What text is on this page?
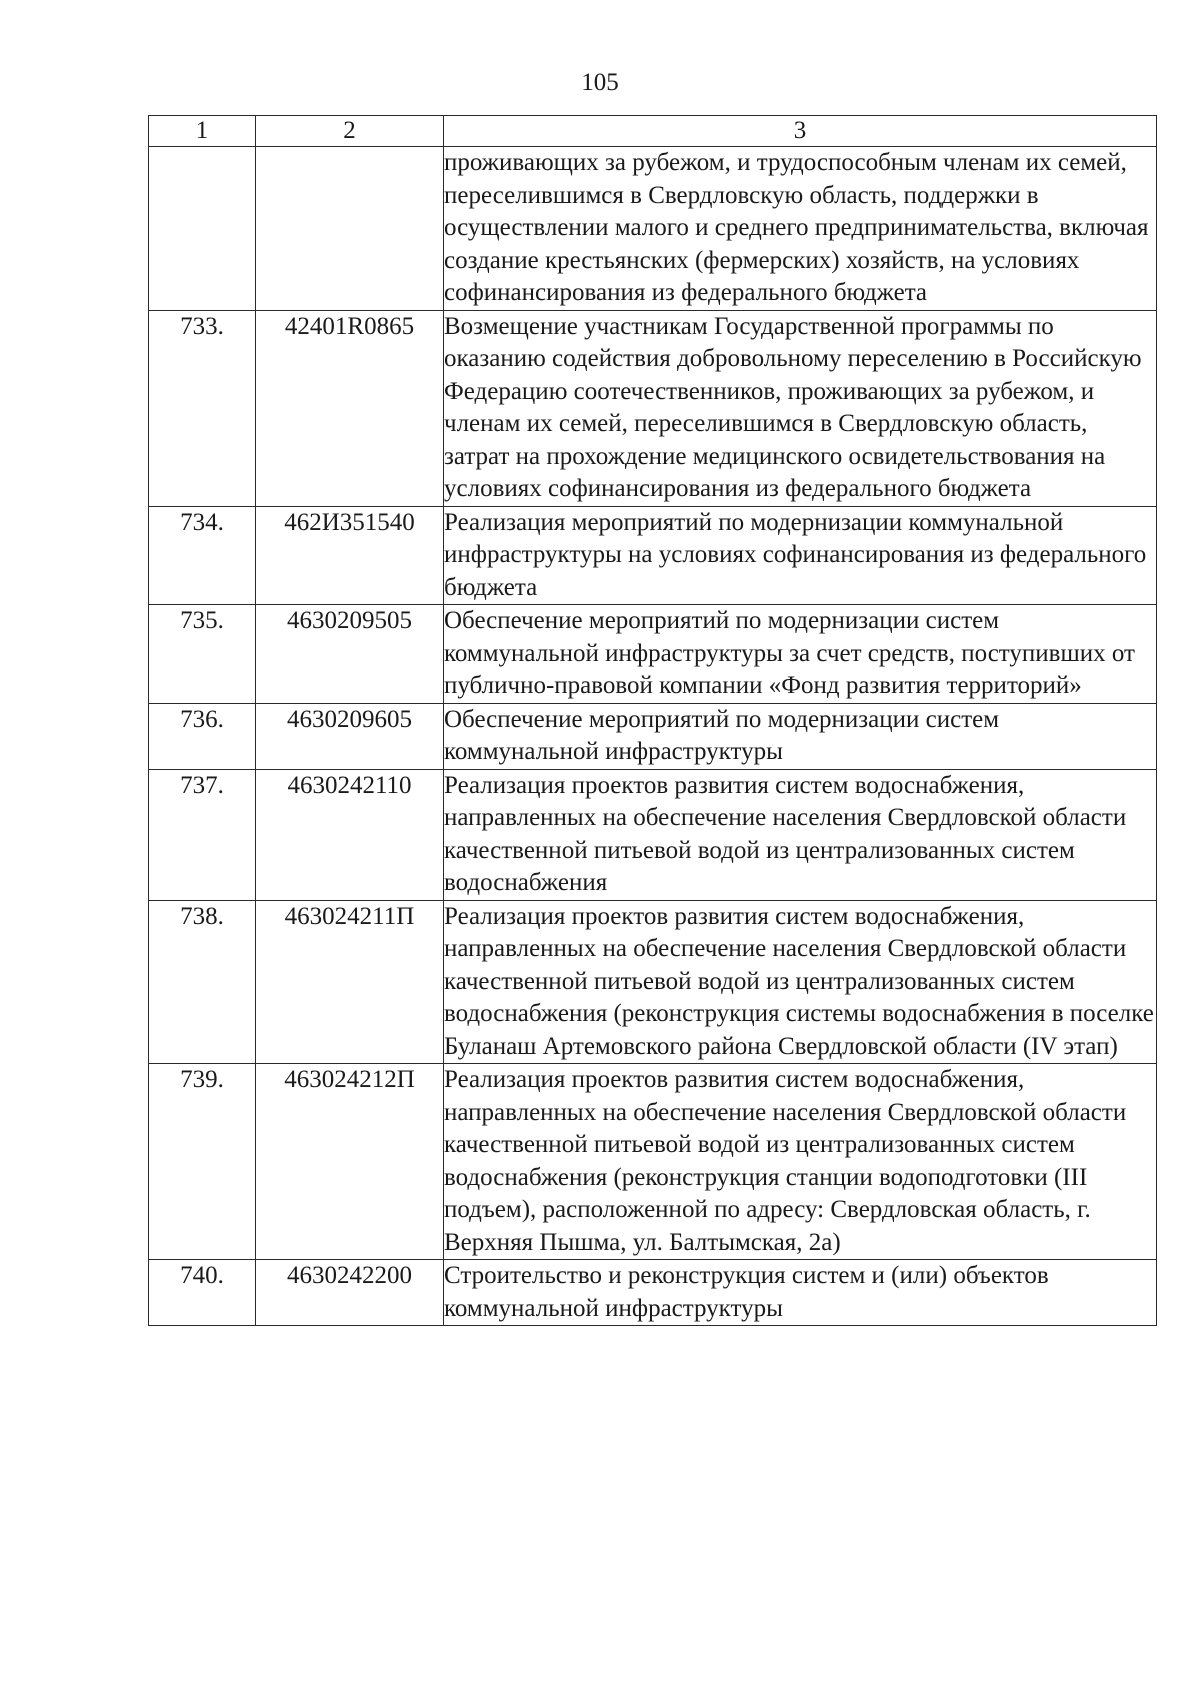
105
1	2	3
		проживающих за рубежом, и трудоспособным членам их семей, переселившимся в Свердловскую область, поддержки в осуществлении малого и среднего предпринимательства, включая создание крестьянских (фермерских) хозяйств, на условиях софинансирования из федерального бюджета
733.	42401R0865	Возмещение участникам Государственной программы по оказанию содействия добровольному переселению в Российскую Федерацию соотечественников, проживающих за рубежом, и членам их семей, переселившимся в Свердловскую область, затрат на прохождение медицинского освидетельствования на условиях софинансирования из федерального бюджета
734.	462И351540	Реализация мероприятий по модернизации коммунальной инфраструктуры на условиях софинансирования из федерального бюджета
735.	4630209505	Обеспечение мероприятий по модернизации систем коммунальной инфраструктуры за счет средств, поступивших от публично-правовой компании «Фонд развития территорий»
736.	4630209605	Обеспечение мероприятий по модернизации систем коммунальной инфраструктуры
737.	4630242110	Реализация проектов развития систем водоснабжения, направленных на обеспечение населения Свердловской области качественной питьевой водой из централизованных систем водоснабжения
738.	463024211П	Реализация проектов развития систем водоснабжения, направленных на обеспечение населения Свердловской области качественной питьевой водой из централизованных систем водоснабжения (реконструкция системы водоснабжения в поселке Буланаш Артемовского района Свердловской области (IV этап)
739.	463024212П	Реализация проектов развития систем водоснабжения, направленных на обеспечение населения Свердловской области качественной питьевой водой из централизованных систем водоснабжения (реконструкция станции водоподготовки (III подъем), расположенной по адресу: Свердловская область, г. Верхняя Пышма, ул. Балтымская, 2а)
740.	4630242200	Строительство и реконструкция систем и (или) объектов коммунальной инфраструктуры
